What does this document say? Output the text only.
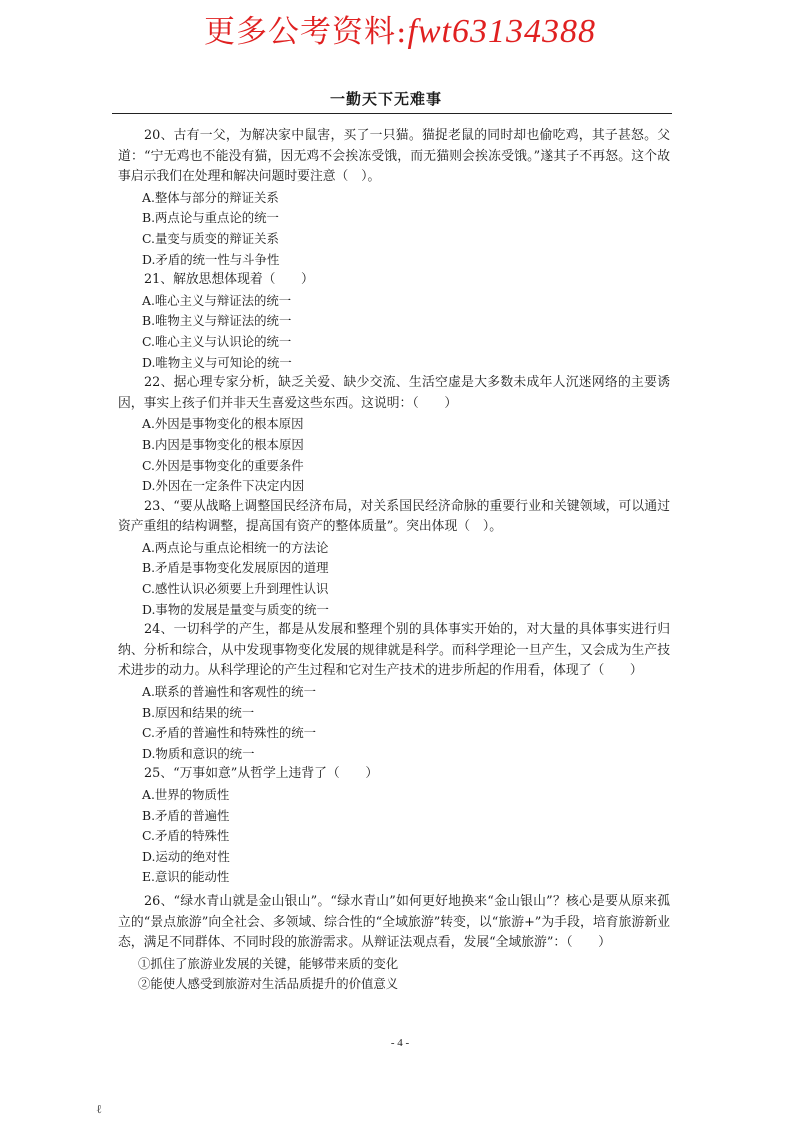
更多公考资料:fwt63134388
一勤天下无难事

20、古有一父，为解决家中鼠害，买了一只猫。猫捉老鼠的同时却也偷吃鸡，其子甚怒。父道：“宁无鸡也不能没有猫，因无鸡不会挨冻受饿，而无猫则会挨冻受饿。”遂其子不再怒。这个故事启示我们在处理和解决问题时要注意（　）。

A.整体与部分的辩证关系

B.两点论与重点论的统一

C.量变与质变的辩证关系

D.矛盾的统一性与斗争性

21、解放思想体现着（　　）

A.唯心主义与辩证法的统一

B.唯物主义与辩证法的统一

C.唯心主义与认识论的统一

D.唯物主义与可知论的统一

22、据心理专家分析，缺乏关爱、缺少交流、生活空虚是大多数未成年人沉迷网络的主要诱因，事实上孩子们并非天生喜爱这些东西。这说明：（　　）

A.外因是事物变化的根本原因

B.内因是事物变化的根本原因

C.外因是事物变化的重要条件

D.外因在一定条件下决定内因

23、“要从战略上调整国民经济布局，对关系国民经济命脉的重要行业和关键领域，可以通过资产重组的结构调整，提高国有资产的整体质量”。突出体现（　）。

A.两点论与重点论相统一的方法论

B.矛盾是事物变化发展原因的道理

C.感性认识必须要上升到理性认识

D.事物的发展是量变与质变的统一

24、一切科学的产生，都是从发展和整理个别的具体事实开始的，对大量的具体事实进行归纳、分析和综合，从中发现事物变化发展的规律就是科学。而科学理论一旦产生，又会成为生产技术进步的动力。从科学理论的产生过程和它对生产技术的进步所起的作用看，体现了（　　）

A.联系的普遍性和客观性的统一

B.原因和结果的统一

C.矛盾的普遍性和特殊性的统一

D.物质和意识的统一

25、“万事如意”从哲学上违背了（　　）

A.世界的物质性

B.矛盾的普遍性

C.矛盾的特殊性

D.运动的绝对性

E.意识的能动性

26、“绿水青山就是金山银山”。“绿水青山”如何更好地换来“金山银山”？核心是要从原来孤立的“景点旅游”向全社会、多领域、综合性的“全域旅游”转变，以“旅游+”为手段，培育旅游新业态，满足不同群体、不同时段的旅游需求。从辩证法观点看，发展“全域旅游”：（　　）

①抓住了旅游业发展的关键，能够带来质的变化

②能使人感受到旅游对生活品质提升的价值意义

- 4 -
ℓ
